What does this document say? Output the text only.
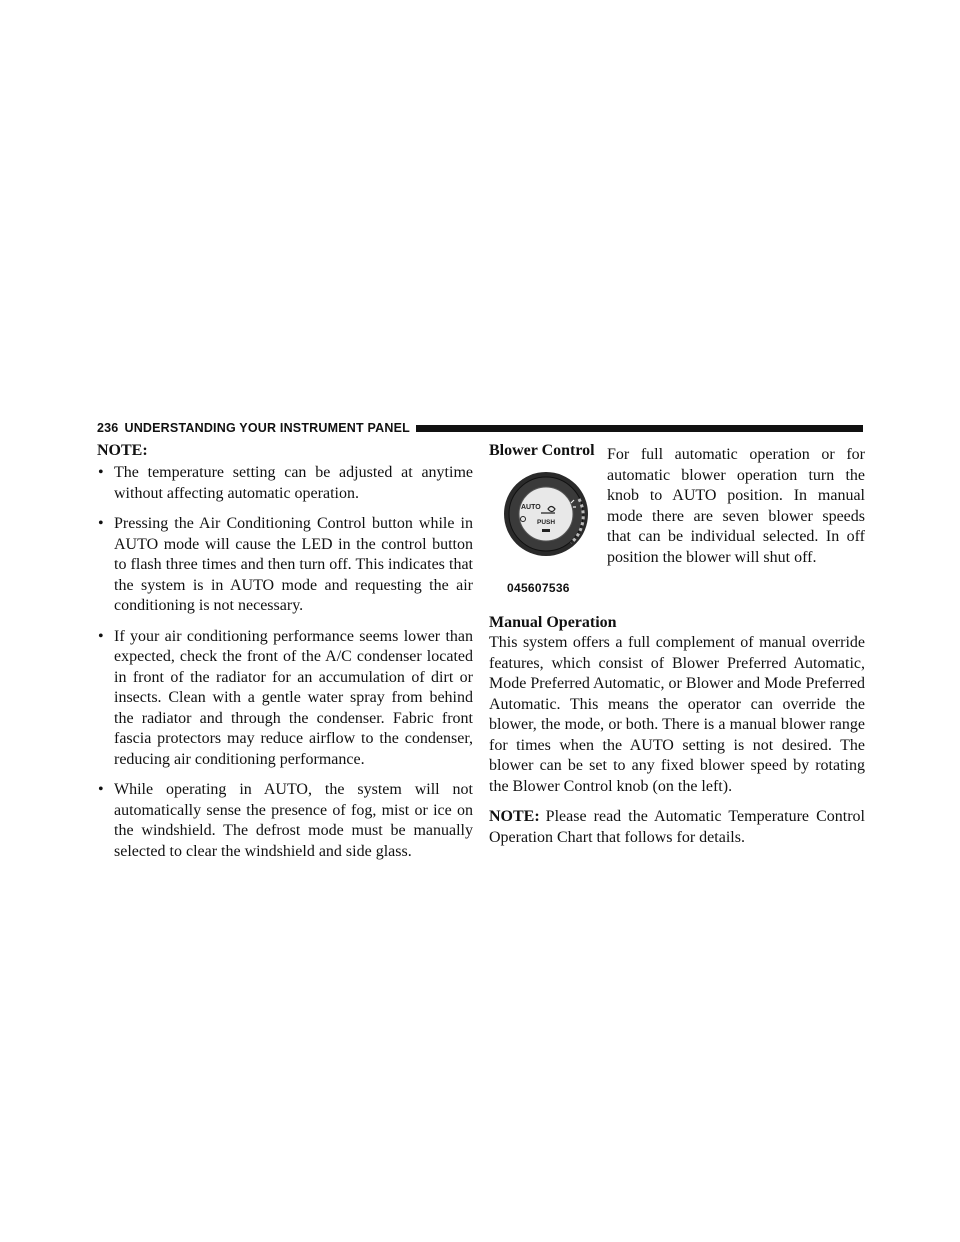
236 UNDERSTANDING YOUR INSTRUMENT PANEL
NOTE:
• The temperature setting can be adjusted at anytime without affecting automatic operation.
• Pressing the Air Conditioning Control button while in AUTO mode will cause the LED in the control button to flash three times and then turn off. This indicates that the system is in AUTO mode and requesting the air conditioning is not necessary.
• If your air conditioning performance seems lower than expected, check the front of the A/C condenser located in front of the radiator for an accumulation of dirt or insects. Clean with a gentle water spray from behind the radiator and through the condenser. Fabric front fascia protectors may reduce airflow to the condenser, reducing air conditioning performance.
• While operating in AUTO, the system will not automatically sense the presence of fog, mist or ice on the windshield. The defrost mode must be manually selected to clear the windshield and side glass.
Blower Control
AUTO
PUSH
045607536

For full automatic operation or for automatic blower operation turn the knob to AUTO position. In manual mode there are seven blower speeds that can be individual selected. In off position the blower will shut off.

Manual Operation

This system offers a full complement of manual override features, which consist of Blower Preferred Automatic, Mode Preferred Automatic, or Blower and Mode Preferred Automatic. This means the operator can override the blower, the mode, or both. There is a manual blower range for times when the AUTO setting is not desired. The blower can be set to any fixed blower speed by rotating the Blower Control knob (on the left).

NOTE: Please read the Automatic Temperature Control Operation Chart that follows for details.
